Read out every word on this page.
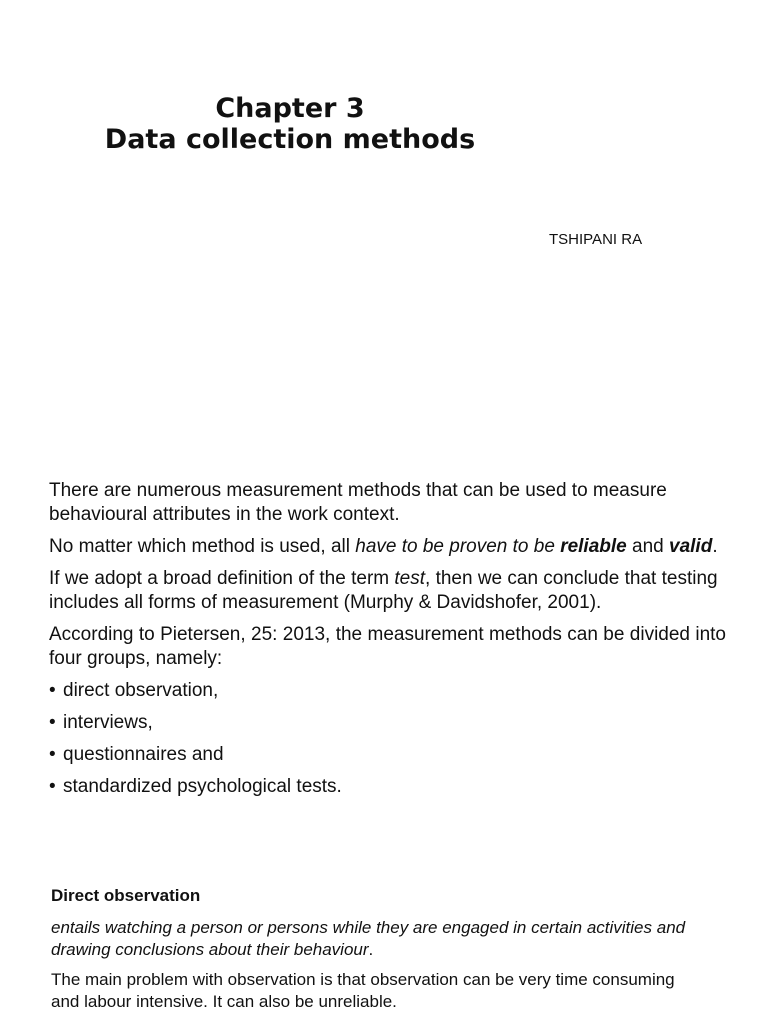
Chapter 3
Data collection methods
TSHIPANI RA

There are numerous measurement methods that can be used to measure behavioural attributes in the work context.

No matter which method is used, all have to be proven to be reliable and valid.

If we adopt a broad definition of the term test, then we can conclude that testing includes all forms of measurement (Murphy & Davidshofer, 2001).

According to Pietersen, 25: 2013, the measurement methods can be divided into four groups, namely:

• direct observation,
• interviews,
• questionnaires and
• standardized psychological tests.

Direct observation

entails watching a person or persons while they are engaged in certain activities and drawing conclusions about their behaviour.

The main problem with observation is that observation can be very time consuming and labour intensive. It can also be unreliable.
